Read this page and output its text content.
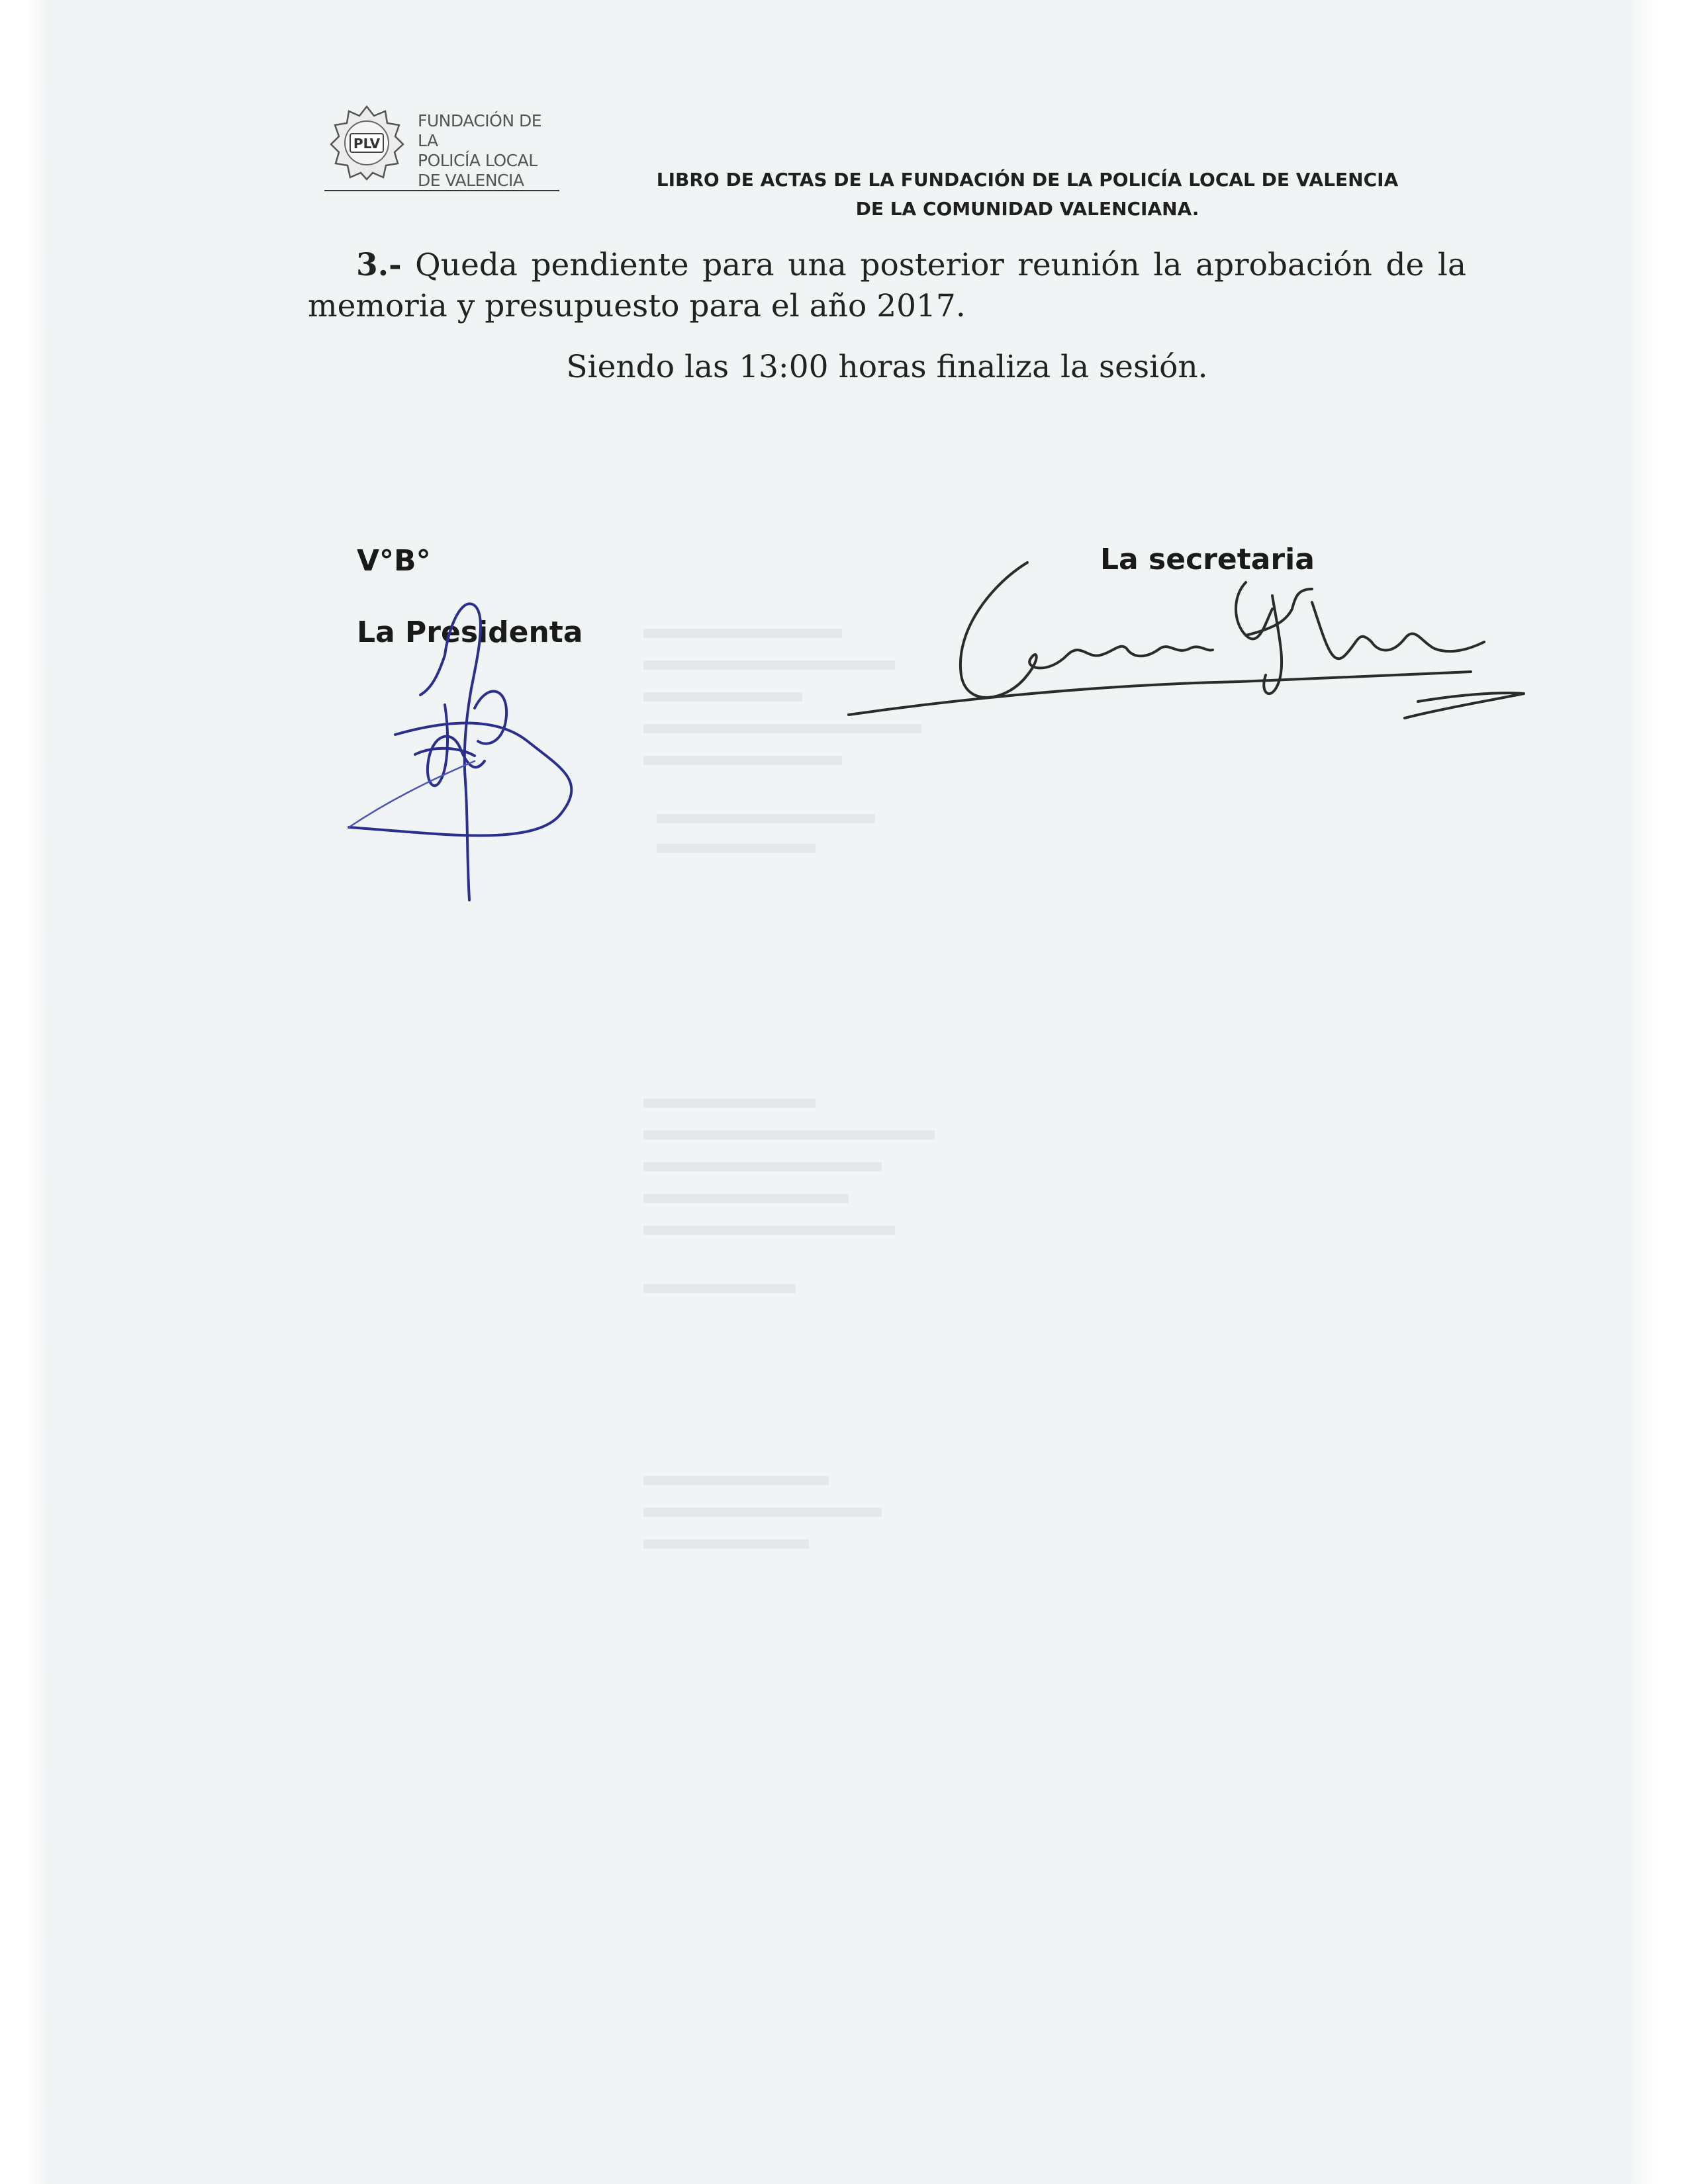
PLV
FUNDACIÓN DE LA
POLICÍA LOCAL
DE VALENCIA	LIBRO DE ACTAS DE LA FUNDACIÓN DE LA POLICÍA LOCAL DE VALENCIA
DE LA COMUNIDAD VALENCIANA.
3.- Queda pendiente para una posterior reunión la aprobación de la memoria y presupuesto para el año 2017.
Siendo las 13:00 horas finaliza la sesión.
V°B°
La Presidenta
La secretaria
